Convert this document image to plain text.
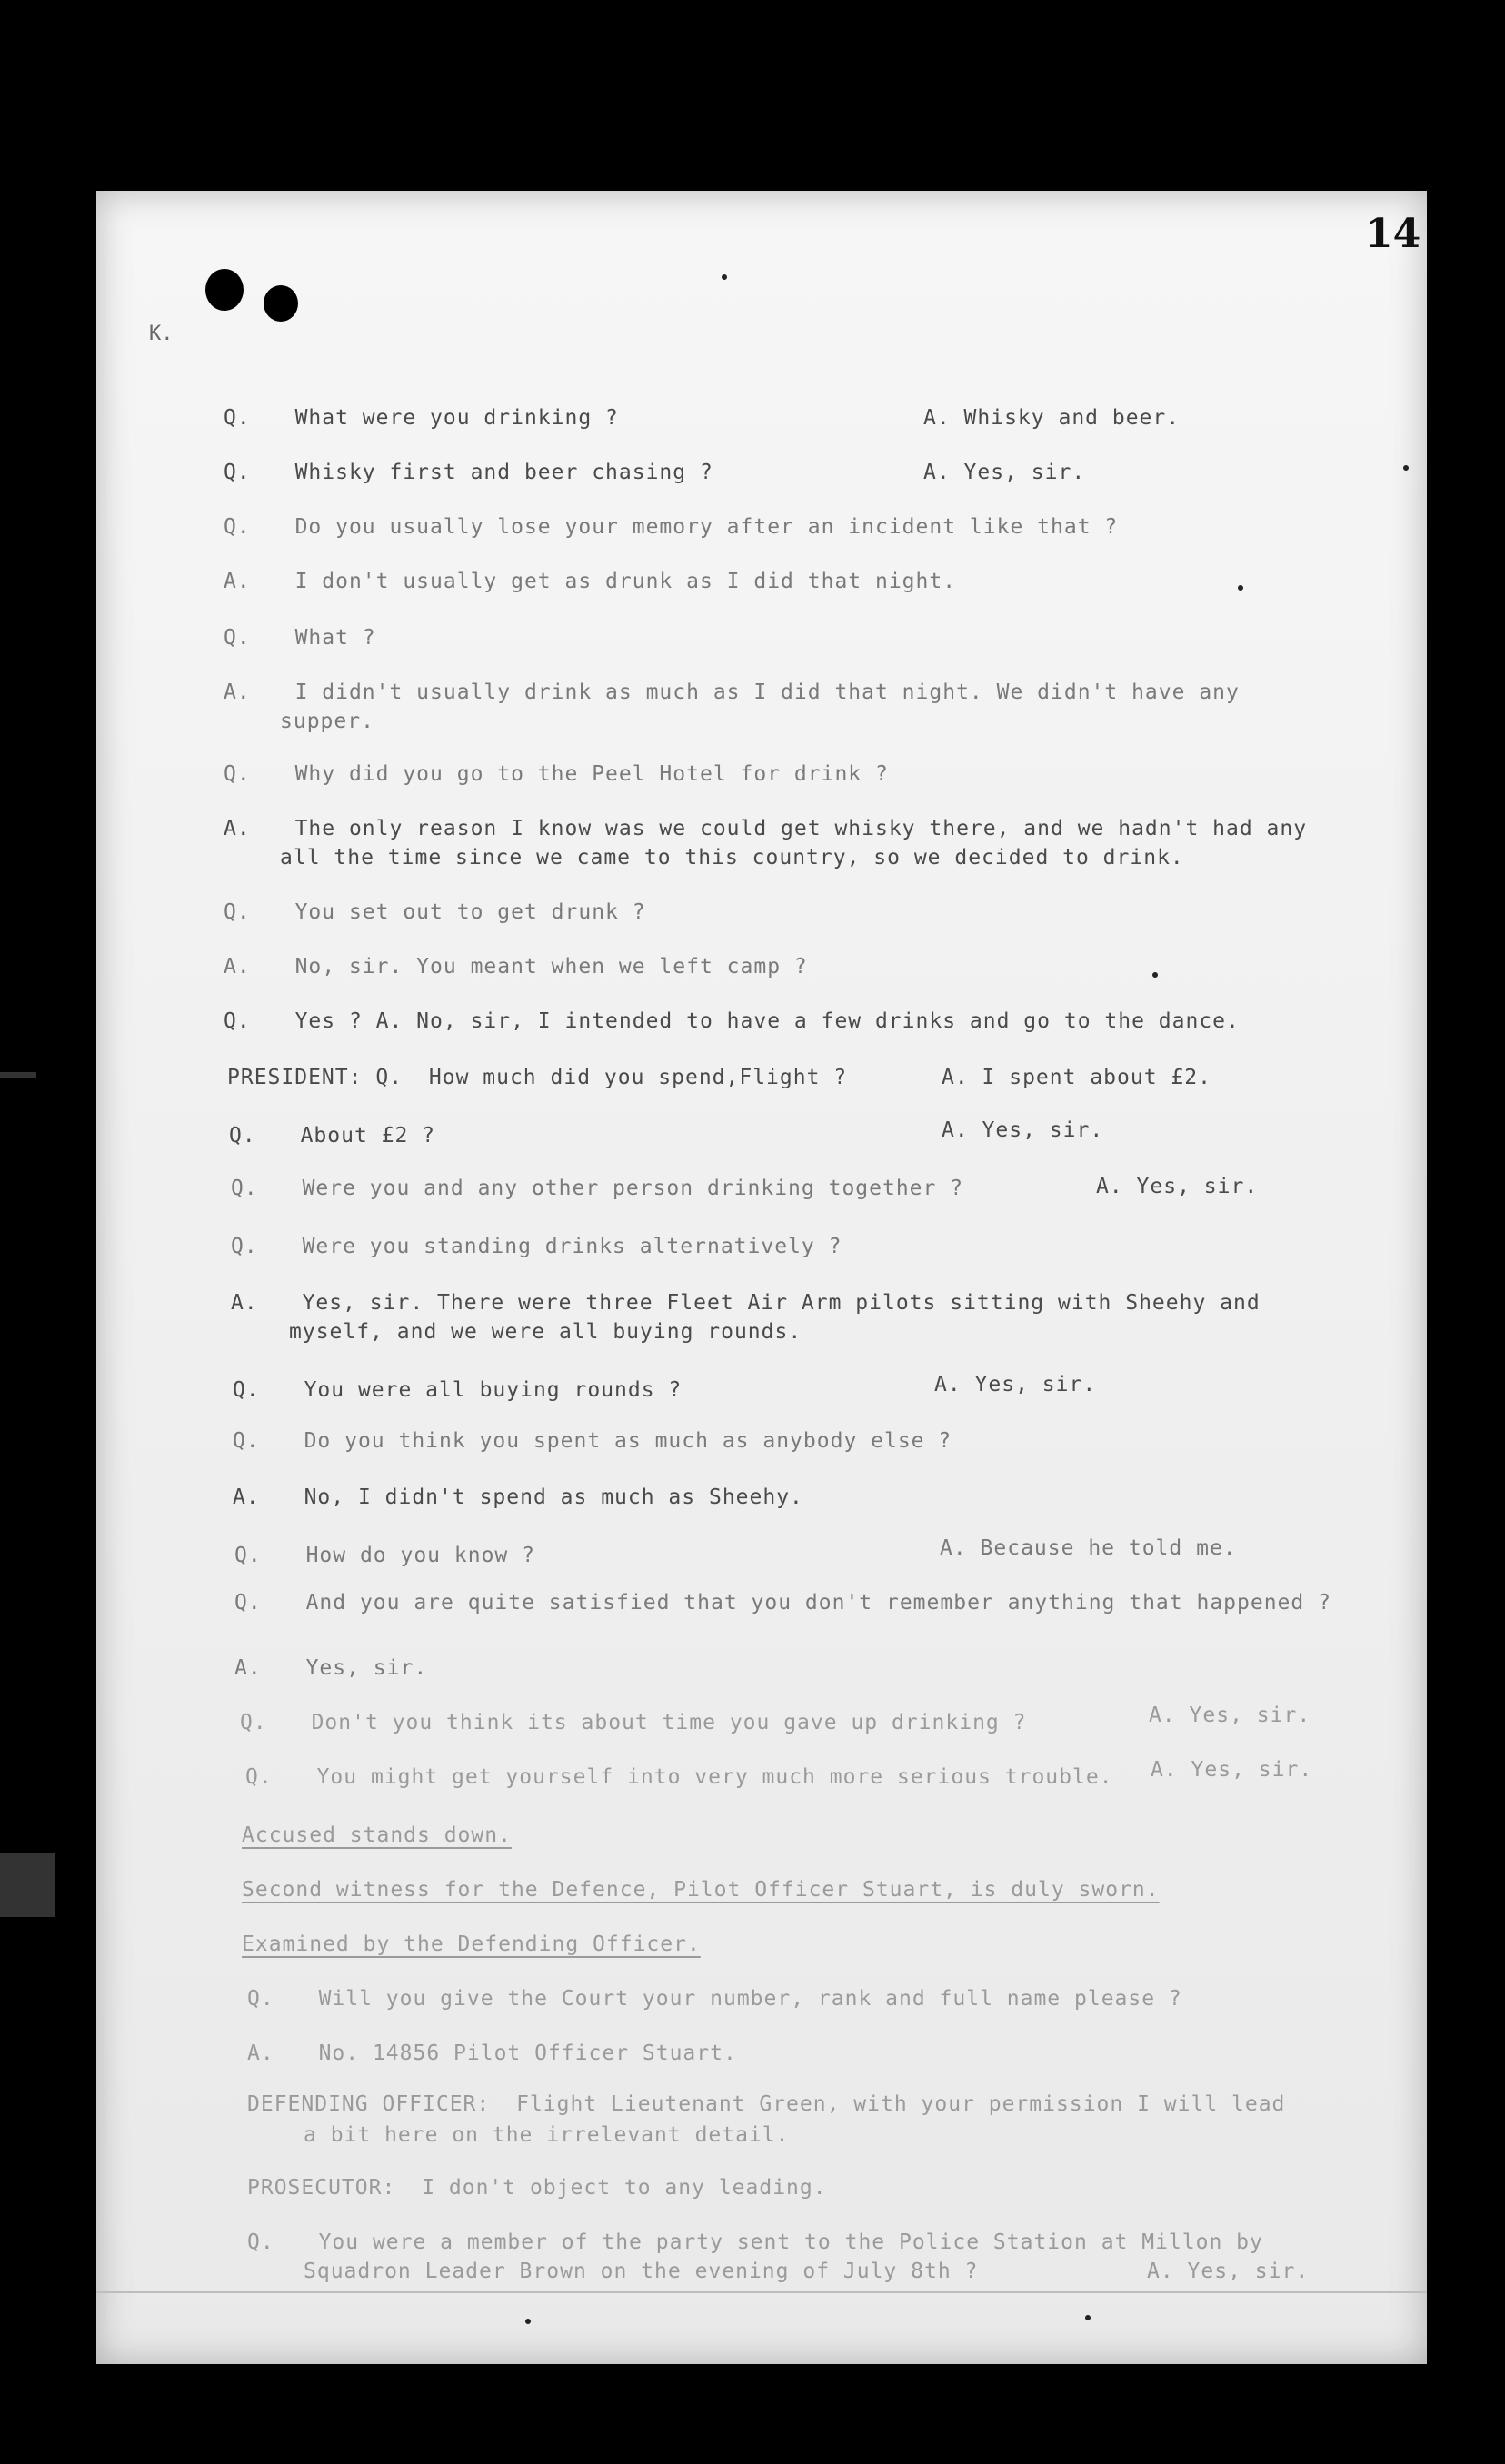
14
K.
Q. What were you drinking ?	A. Whisky and beer.
Q. Whisky first and beer chasing ?	A. Yes, sir.
Q. Do you usually lose your memory after an incident like that ?
A. I don't usually get as drunk as I did that night.
Q. What ?
A. I didn't usually drink as much as I did that night. We didn't have any
supper.
Q. Why did you go to the Peel Hotel for drink ?
A. The only reason I know was we could get whisky there, and we hadn't had any
all the time since we came to this country, so we decided to drink.
Q. You set out to get drunk ?
A. No, sir. You meant when we left camp ?
Q. Yes ? A. No, sir, I intended to have a few drinks and go to the dance.
PRESIDENT: Q. How much did you spend,Flight ?	A. I spent about £2.
Q. About £2 ?	A. Yes, sir.
Q. Were you and any other person drinking together ?	A. Yes, sir.
Q. Were you standing drinks alternatively ?
A. Yes, sir. There were three Fleet Air Arm pilots sitting with Sheehy and
myself, and we were all buying rounds.
Q. You were all buying rounds ?	A. Yes, sir.
Q. Do you think you spent as much as anybody else ?
A. No, I didn't spend as much as Sheehy.
Q. How do you know ?	A. Because he told me.
Q. And you are quite satisfied that you don't remember anything that happened ?
A. Yes, sir.
Q. Don't you think its about time you gave up drinking ?	A. Yes, sir.
Q. You might get yourself into very much more serious trouble. A. Yes, sir.
Accused stands down.
Second witness for the Defence, Pilot Officer Stuart, is duly sworn.
Examined by the Defending Officer.
Q. Will you give the Court your number, rank and full name please ?
A. No. 14856 Pilot Officer Stuart.
DEFENDING OFFICER: Flight Lieutenant Green, with your permission I will lead
a bit here on the irrelevant detail.
PROSECUTOR: I don't object to any leading.
Q. You were a member of the party sent to the Police Station at Millon by
Squadron Leader Brown on the evening of July 8th ?	A. Yes, sir.
